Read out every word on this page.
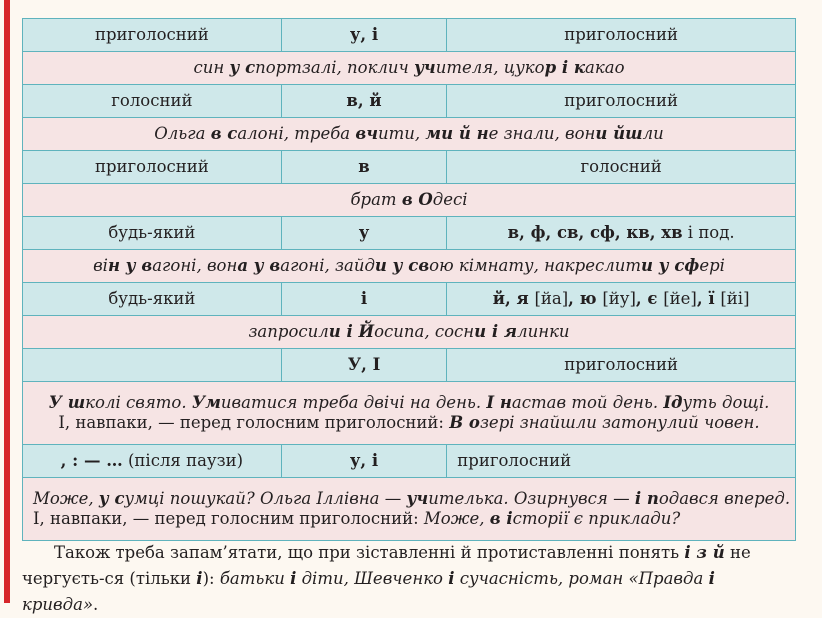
приголосний	у, і	приголосний
син у спортзалі, поклич учителя, цукор і какао		
голосний	в, й	приголосний
Ольга в салоні, треба вчити, ми й не знали, вони йшли		
приголосний	в	голосний
брат в Одесі		
будь-який	у	в, ф, св, сф, кв, хв і под.
він у вагоні, вона у вагоні, зайди у свою кімнату, накреслити у сфері		
будь-який	і	й, я [йа], ю [йу], є [йе], ї [йі]
запросили і Йосипа, сосни і ялинки		
	У, І	приголосний

У школі свято. Умиватися треба двічі на день. І настав той день. Ідуть дощі.
І, навпаки, — перед голосним приголосний: В озері знайшли затонулий човен.		

, : — … (після паузи)	у, і	приголосний

Може, у сумці пошукай? Ольга Іллівна — учителька. Озирнувся — і подався вперед.
І, навпаки, — перед голосним приголосний: Може, в історії є приклади?		

Також треба запам’ятати, що при зіставленні й протиставленні понять і з й не чергуєть-ся (тільки і): батьки і діти, Шевченко і сучасність, роман «Правда і кривда».
